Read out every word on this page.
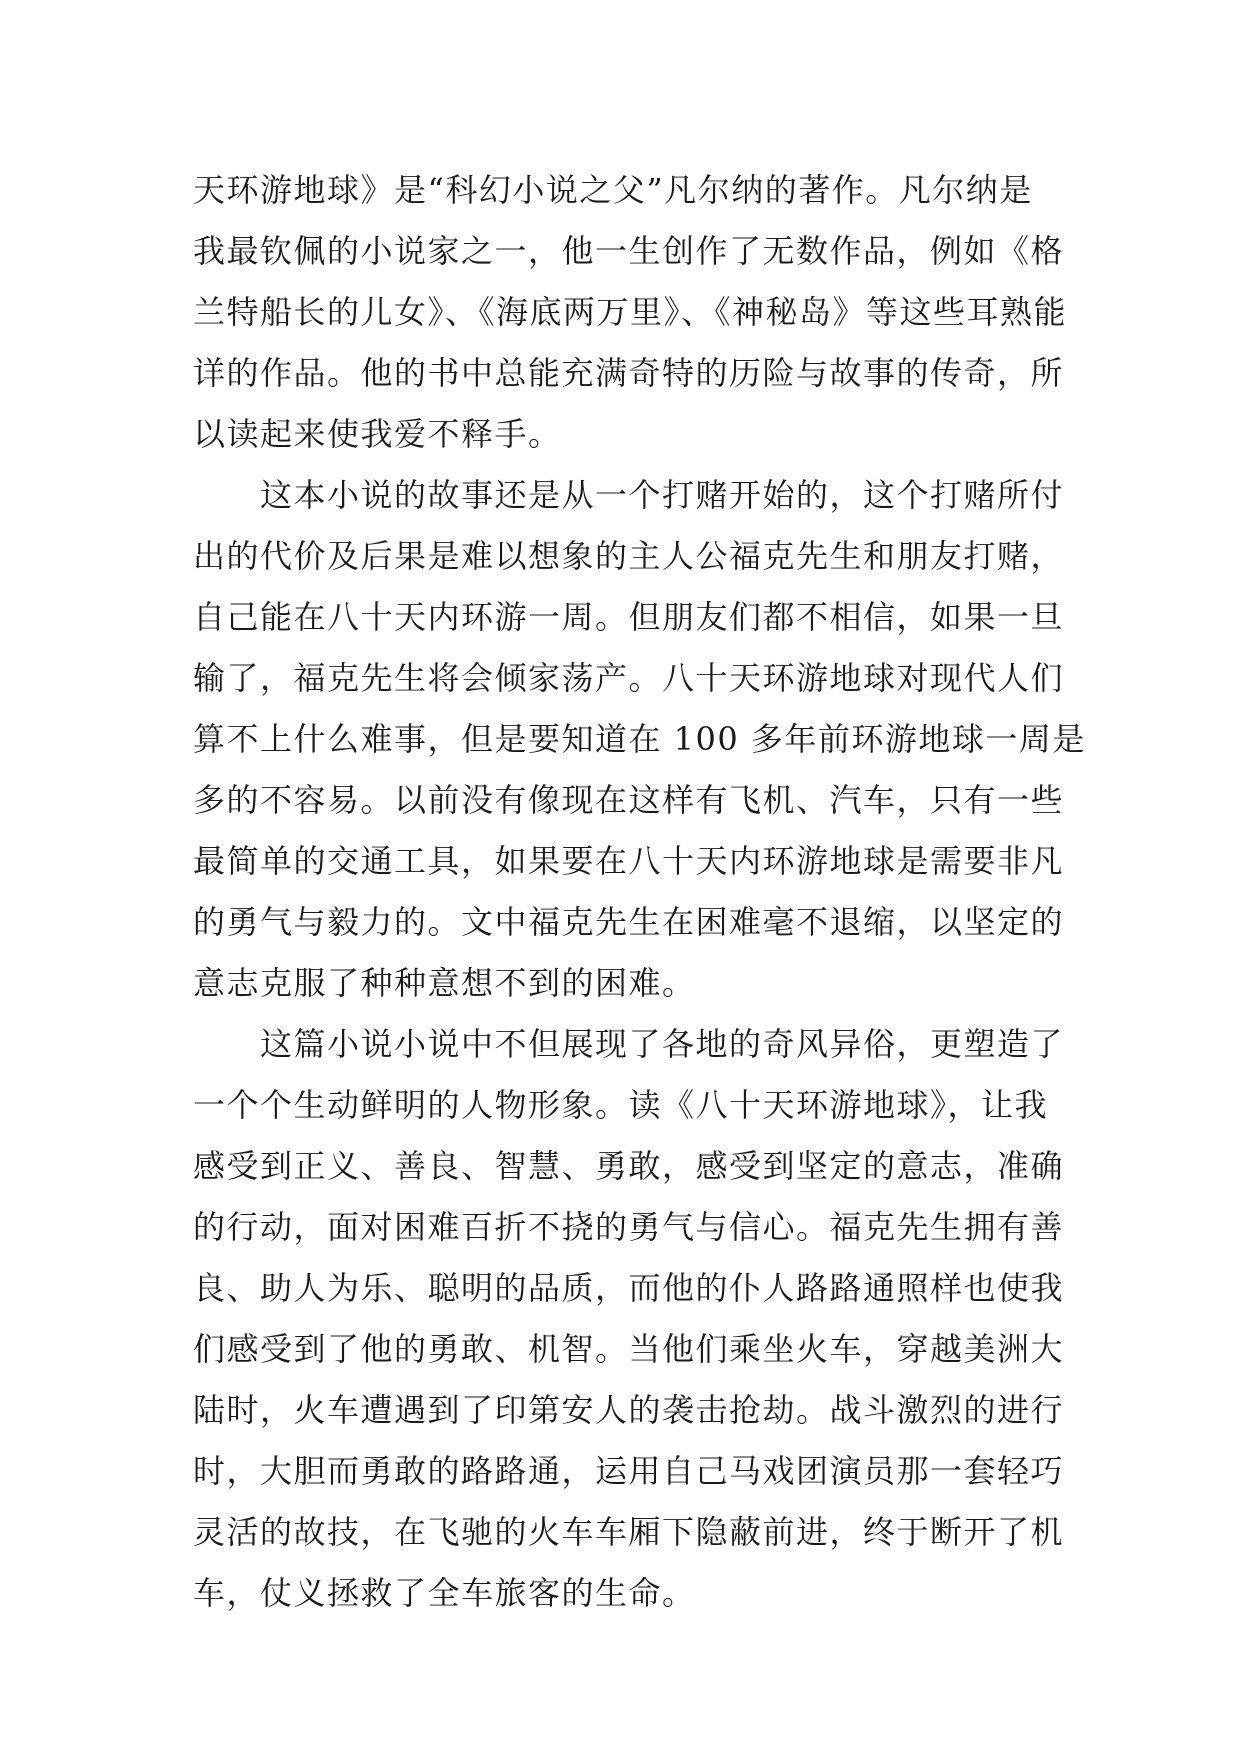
天环游地球》是“科幻小说之父”凡尔纳的著作。凡尔纳是
我最钦佩的小说家之一，他一生创作了无数作品，例如《格
兰特船长的儿女》、《海底两万里》、《神秘岛》等这些耳熟能
详的作品。他的书中总能充满奇特的历险与故事的传奇，所
以读起来使我爱不释手。
　　这本小说的故事还是从一个打赌开始的，这个打赌所付
出的代价及后果是难以想象的主人公福克先生和朋友打赌，
自己能在八十天内环游一周。但朋友们都不相信，如果一旦
输了，福克先生将会倾家荡产。八十天环游地球对现代人们
算不上什么难事，但是要知道在 100 多年前环游地球一周是
多的不容易。以前没有像现在这样有飞机、汽车，只有一些
最简单的交通工具，如果要在八十天内环游地球是需要非凡
的勇气与毅力的。文中福克先生在困难毫不退缩，以坚定的
意志克服了种种意想不到的困难。
　　这篇小说小说中不但展现了各地的奇风异俗，更塑造了
一个个生动鲜明的人物形象。读《八十天环游地球》，让我
感受到正义、善良、智慧、勇敢，感受到坚定的意志，准确
的行动，面对困难百折不挠的勇气与信心。福克先生拥有善
良、助人为乐、聪明的品质，而他的仆人路路通照样也使我
们感受到了他的勇敢、机智。当他们乘坐火车，穿越美洲大
陆时，火车遭遇到了印第安人的袭击抢劫。战斗激烈的进行
时，大胆而勇敢的路路通，运用自己马戏团演员那一套轻巧
灵活的故技，在飞驰的火车车厢下隐蔽前进，终于断开了机
车，仗义拯救了全车旅客的生命。
